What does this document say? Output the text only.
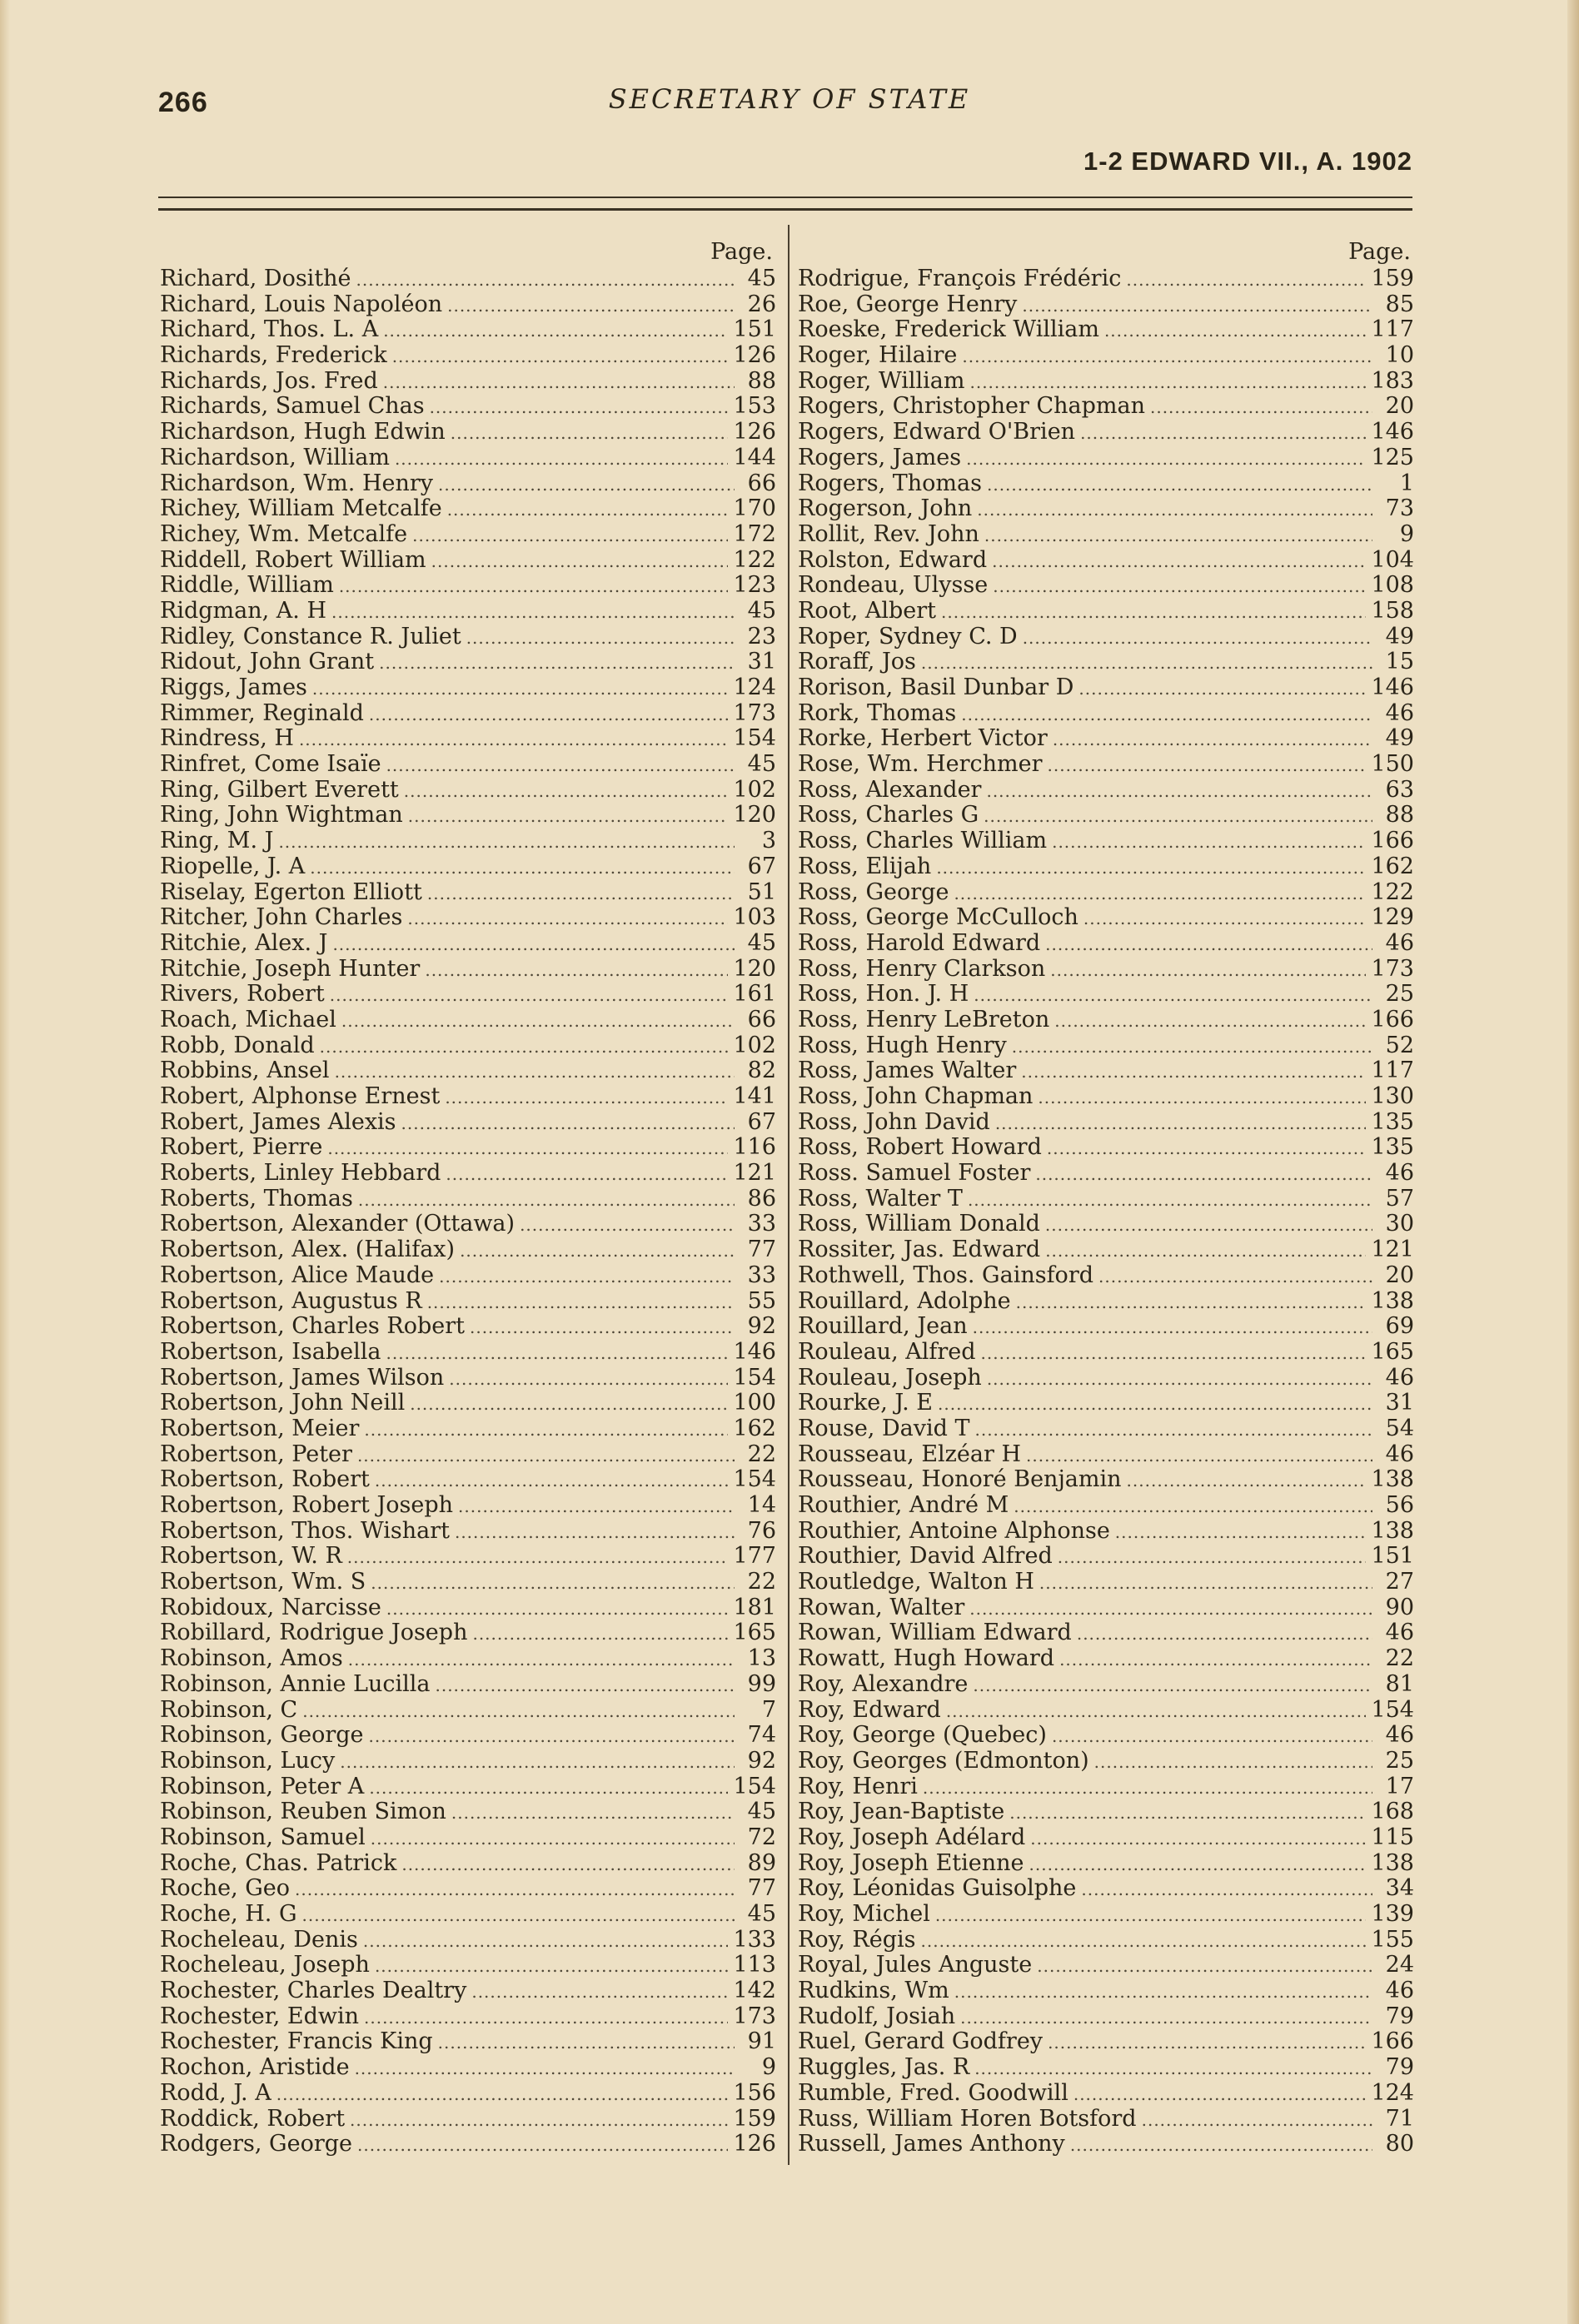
266	SECRETARY OF STATE
1-2 EDWARD VII., A. 1902
Page.
Richard, Dosithé .....	45
Richard, Louis Napoléon .....	26
Richard, Thos. L. A .....	151
Richards, Frederick .....	126
Richards, Jos. Fred .....	88
Richards, Samuel Chas .....	153
Richardson, Hugh Edwin .....	126
Richardson, William .....	144
Richardson, Wm. Henry .....	66
Richey, William Metcalfe .....	170
Richey, Wm. Metcalfe .....	172
Riddell, Robert William .....	122
Riddle, William .....	123
Ridgman, A. H .....	45
Ridley, Constance R. Juliet .....	23
Ridout, John Grant .....	31
Riggs, James .....	124
Rimmer, Reginald .....	173
Rindress, H .....	154
Rinfret, Come Isaïe .....	45
Ring, Gilbert Everett .....	102
Ring, John Wightman .....	120
Ring, M. J .....	3
Riopelle, J. A .....	67
Riselay, Egerton Elliott .....	51
Ritcher, John Charles .....	103
Ritchie, Alex. J .....	45
Ritchie, Joseph Hunter .....	120
Rivers, Robert .....	161
Roach, Michael .....	66
Robb, Donald .....	102
Robbins, Ansel .....	82
Robert, Alphonse Ernest .....	141
Robert, James Alexis .....	67
Robert, Pierre .....	116
Roberts, Linley Hebbard .....	121
Roberts, Thomas .....	86
Robertson, Alexander (Ottawa) .....	33
Robertson, Alex. (Halifax) .....	77
Robertson, Alice Maude .....	33
Robertson, Augustus R .....	55
Robertson, Charles Robert .....	92
Robertson, Isabella .....	146
Robertson, James Wilson .....	154
Robertson, John Neill .....	100
Robertson, Meier .....	162
Robertson, Peter .....	22
Robertson, Robert .....	154
Robertson, Robert Joseph .....	14
Robertson, Thos. Wishart .....	76
Robertson, W. R .....	177
Robertson, Wm. S .....	22
Robidoux, Narcisse .....	181
Robillard, Rodrigue Joseph .....	165
Robinson, Amos .....	13
Robinson, Annie Lucilla .....	99
Robinson, C .....	7
Robinson, George .....	74
Robinson, Lucy .....	92
Robinson, Peter A .....	154
Robinson, Reuben Simon .....	45
Robinson, Samuel .....	72
Roche, Chas. Patrick .....	89
Roche, Geo .....	77
Roche, H. G .....	45
Rocheleau, Denis .....	133
Rocheleau, Joseph .....	113
Rochester, Charles Dealtry .....	142
Rochester, Edwin .....	173
Rochester, Francis King .....	91
Rochon, Aristide .....	9
Rodd, J. A .....	156
Roddick, Robert .....	159
Rodgers, George .....	126
Page.
Rodrigue, François Frédéric .....	159
Roe, George Henry .....	85
Roeske, Frederick William .....	117
Roger, Hilaire .....	10
Roger, William .....	183
Rogers, Christopher Chapman .....	20
Rogers, Edward O'Brien .....	146
Rogers, James .....	125
Rogers, Thomas .....	1
Rogerson, John .....	73
Rollit, Rev. John .....	9
Rolston, Edward .....	104
Rondeau, Ulysse .....	108
Root, Albert .....	158
Roper, Sydney C. D .....	49
Roraff, Jos .....	15
Rorison, Basil Dunbar D .....	146
Rork, Thomas .....	46
Rorke, Herbert Victor .....	49
Rose, Wm. Herchmer .....	150
Ross, Alexander .....	63
Ross, Charles G .....	88
Ross, Charles William .....	166
Ross, Elijah .....	162
Ross, George .....	122
Ross, George McCulloch .....	129
Ross, Harold Edward .....	46
Ross, Henry Clarkson .....	173
Ross, Hon. J. H .....	25
Ross, Henry LeBreton .....	166
Ross, Hugh Henry .....	52
Ross, James Walter .....	117
Ross, John Chapman .....	130
Ross, John David .....	135
Ross, Robert Howard .....	135
Ross. Samuel Foster .....	46
Ross, Walter T .....	57
Ross, William Donald .....	30
Rossiter, Jas. Edward .....	121
Rothwell, Thos. Gainsford .....	20
Rouillard, Adolphe .....	138
Rouillard, Jean .....	69
Rouleau, Alfred .....	165
Rouleau, Joseph .....	46
Rourke, J. E .....	31
Rouse, David T .....	54
Rousseau, Elzéar H .....	46
Rousseau, Honoré Benjamin .....	138
Routhier, André M .....	56
Routhier, Antoine Alphonse .....	138
Routhier, David Alfred .....	151
Routledge, Walton H .....	27
Rowan, Walter .....	90
Rowan, William Edward .....	46
Rowatt, Hugh Howard .....	22
Roy, Alexandre .....	81
Roy, Edward .....	154
Roy, George (Quebec) .....	46
Roy, Georges (Edmonton) .....	25
Roy, Henri .....	17
Roy, Jean-Baptiste .....	168
Roy, Joseph Adélard .....	115
Roy, Joseph Etienne .....	138
Roy, Léonidas Guisolphe .....	34
Roy, Michel .....	139
Roy, Régis .....	155
Royal, Jules Anguste .....	24
Rudkins, Wm .....	46
Rudolf, Josiah .....	79
Ruel, Gerard Godfrey .....	166
Ruggles, Jas. R .....	79
Rumble, Fred. Goodwill .....	124
Russ, William Horen Botsford .....	71
Russell, James Anthony .....	80
